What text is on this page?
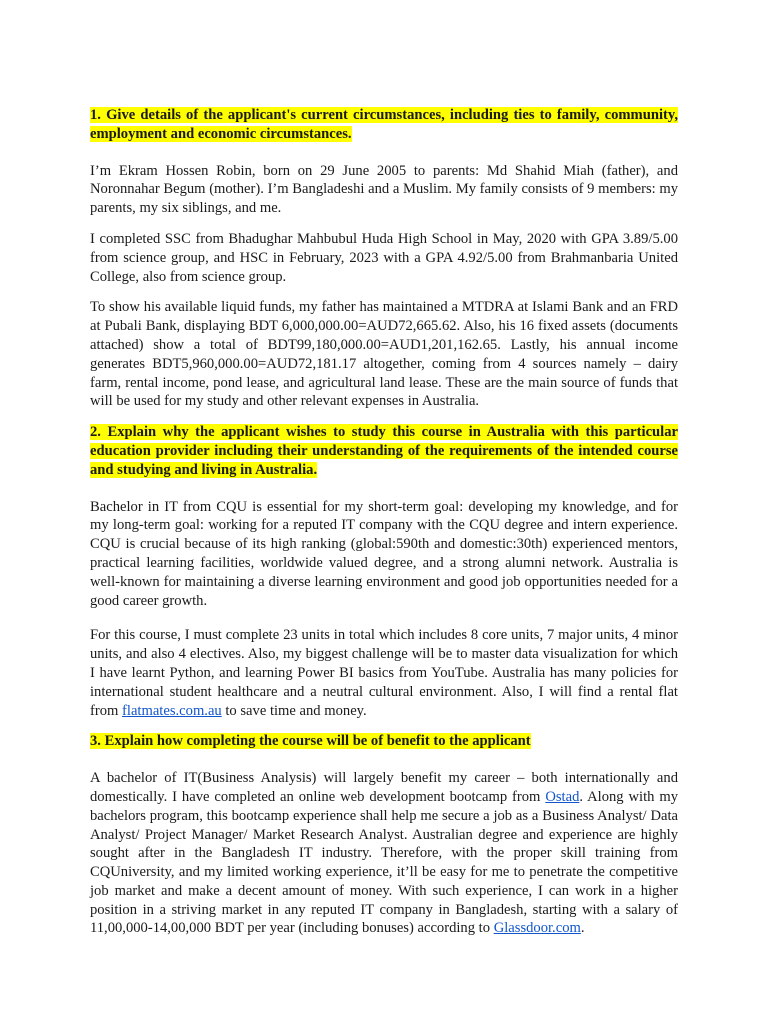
1. Give details of the applicant's current circumstances, including ties to family, community, employment and economic circumstances.

I’m Ekram Hossen Robin, born on 29 June 2005 to parents: Md Shahid Miah (father), and Noronnahar Begum (mother). I’m Bangladeshi and a Muslim. My family consists of 9 members: my parents, my six siblings, and me.

I completed SSC from Bhadughar Mahbubul Huda High School in May, 2020 with GPA 3.89/5.00 from science group, and HSC in February, 2023 with a GPA 4.92/5.00 from Brahmanbaria United College, also from science group.

To show his available liquid funds, my father has maintained a MTDRA at Islami Bank and an FRD at Pubali Bank, displaying BDT 6,000,000.00=AUD72,665.62. Also, his 16 fixed assets (documents attached) show a total of BDT99,180,000.00=AUD1,201,162.65. Lastly, his annual income generates BDT5,960,000.00=AUD72,181.17 altogether, coming from 4 sources namely – dairy farm, rental income, pond lease, and agricultural land lease. These are the main source of funds that will be used for my study and other relevant expenses in Australia.

2. Explain why the applicant wishes to study this course in Australia with this particular education provider including their understanding of the requirements of the intended course and studying and living in Australia.

Bachelor in IT from CQU is essential for my short-term goal: developing my knowledge, and for my long-term goal: working for a reputed IT company with the CQU degree and intern experience. CQU is crucial because of its high ranking (global:590th and domestic:30th) experienced mentors, practical learning facilities, worldwide valued degree, and a strong alumni network. Australia is well-known for maintaining a diverse learning environment and good job opportunities needed for a good career growth.

For this course, I must complete 23 units in total which includes 8 core units, 7 major units, 4 minor units, and also 4 electives. Also, my biggest challenge will be to master data visualization for which I have learnt Python, and learning Power BI basics from YouTube. Australia has many policies for international student healthcare and a neutral cultural environment. Also, I will find a rental flat from flatmates.com.au to save time and money.

3. Explain how completing the course will be of benefit to the applicant

A bachelor of IT(Business Analysis) will largely benefit my career – both internationally and domestically. I have completed an online web development bootcamp from Ostad. Along with my bachelors program, this bootcamp experience shall help me secure a job as a Business Analyst/ Data Analyst/ Project Manager/ Market Research Analyst. Australian degree and experience are highly sought after in the Bangladesh IT industry. Therefore, with the proper skill training from CQUniversity, and my limited working experience, it’ll be easy for me to penetrate the competitive job market and make a decent amount of money. With such experience, I can work in a higher position in a striving market in any reputed IT company in Bangladesh, starting with a salary of 11,00,000-14,00,000 BDT per year (including bonuses) according to Glassdoor.com.
